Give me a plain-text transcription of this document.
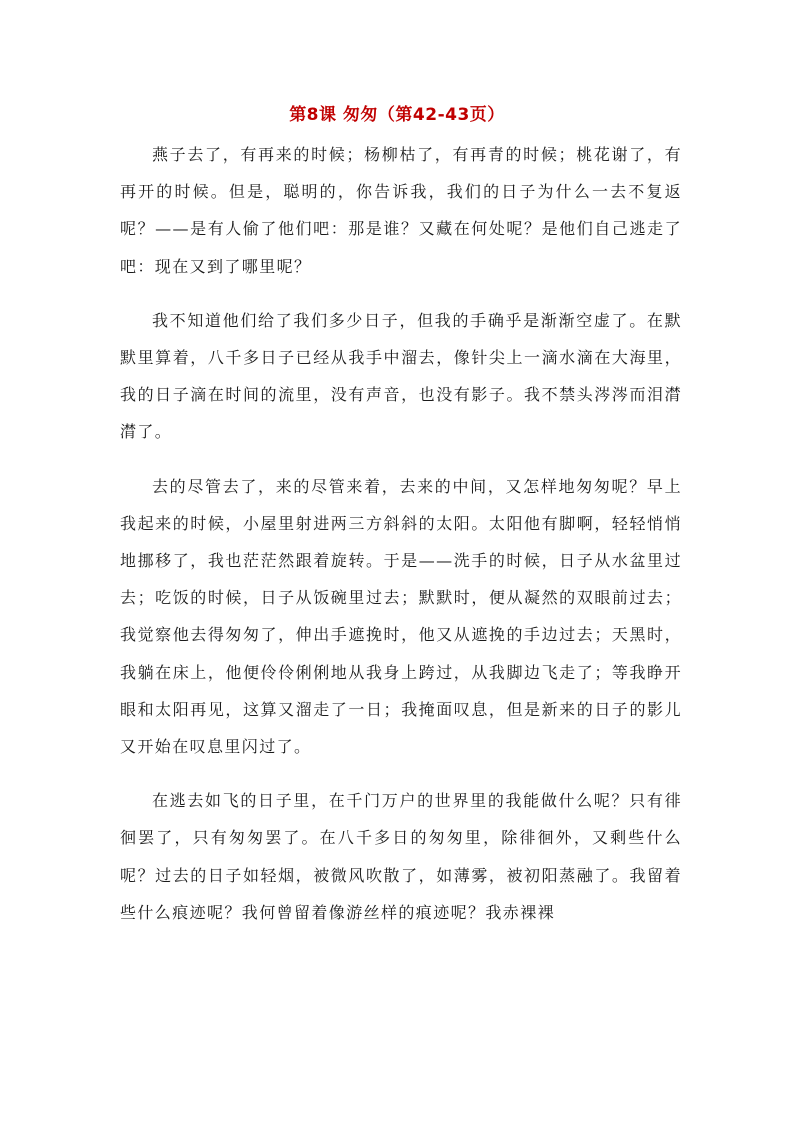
第8课 匆匆（第42-43页）

燕子去了，有再来的时候；杨柳枯了，有再青的时候；桃花谢了，有再开的时候。但是，聪明的，你告诉我，我们的日子为什么一去不复返呢？——是有人偷了他们吧：那是谁？又藏在何处呢？是他们自己逃走了吧：现在又到了哪里呢？

我不知道他们给了我们多少日子，但我的手确乎是渐渐空虚了。在默默里算着，八千多日子已经从我手中溜去，像针尖上一滴水滴在大海里，我的日子滴在时间的流里，没有声音，也没有影子。我不禁头涔涔而泪潸潸了。

去的尽管去了，来的尽管来着，去来的中间，又怎样地匆匆呢？早上我起来的时候，小屋里射进两三方斜斜的太阳。太阳他有脚啊，轻轻悄悄地挪移了，我也茫茫然跟着旋转。于是——洗手的时候，日子从水盆里过去；吃饭的时候，日子从饭碗里过去；默默时，便从凝然的双眼前过去；我觉察他去得匆匆了，伸出手遮挽时，他又从遮挽的手边过去；天黑时，我躺在床上，他便伶伶俐俐地从我身上跨过，从我脚边飞走了；等我睁开眼和太阳再见，这算又溜走了一日；我掩面叹息，但是新来的日子的影儿又开始在叹息里闪过了。

在逃去如飞的日子里，在千门万户的世界里的我能做什么呢？只有徘徊罢了，只有匆匆罢了。在八千多日的匆匆里，除徘徊外，又剩些什么呢？过去的日子如轻烟，被微风吹散了，如薄雾，被初阳蒸融了。我留着些什么痕迹呢？我何曾留着像游丝样的痕迹呢？我赤裸裸
